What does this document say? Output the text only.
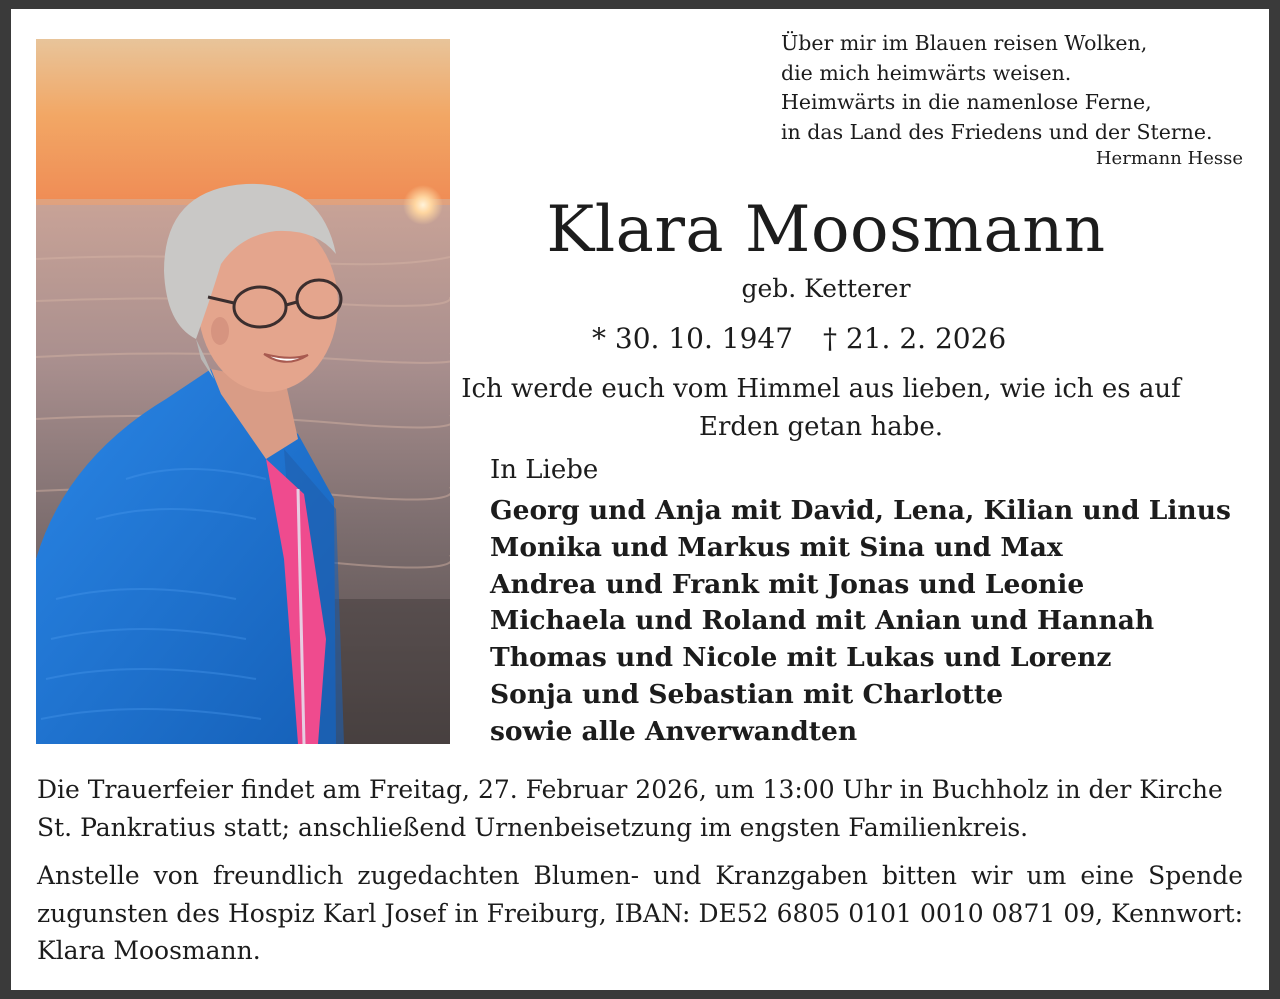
Über mir im Blauen reisen Wolken,
die mich heimwärts weisen.
Heimwärts in die namenlose Ferne,
in das Land des Friedens und der Sterne.
Hermann Hesse
Klara Moosmann
geb. Ketterer
* 30. 10. 1947 † 21. 2. 2026
Ich werde euch vom Himmel aus lieben, wie ich es auf Erden getan habe.
In Liebe
Georg und Anja mit David, Lena, Kilian und Linus
Monika und Markus mit Sina und Max
Andrea und Frank mit Jonas und Leonie
Michaela und Roland mit Anian und Hannah
Thomas und Nicole mit Lukas und Lorenz
Sonja und Sebastian mit Charlotte
sowie alle Anverwandten
Die Trauerfeier findet am Freitag, 27. Februar 2026, um 13:00 Uhr in Buchholz in der Kirche St. Pankratius statt; anschließend Urnenbeisetzung im engsten Familienkreis.
Anstelle von freundlich zugedachten Blumen- und Kranzgaben bitten wir um eine Spende zugunsten des Hospiz Karl Josef in Freiburg, IBAN: DE52 6805 0101 0010 0871 09, Kennwort: Klara Moosmann.
